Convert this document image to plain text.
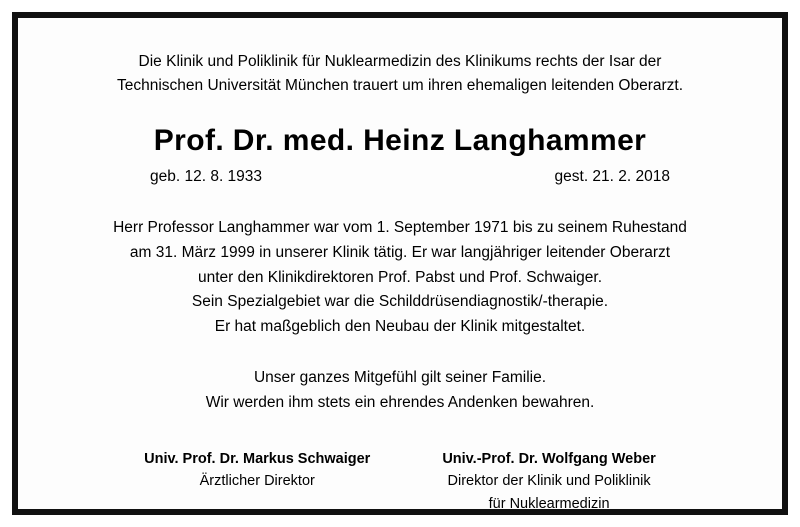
Die Klinik und Poliklinik für Nuklearmedizin des Klinikums rechts der Isar der
Technischen Universität München trauert um ihren ehemaligen leitenden Oberarzt.
Prof. Dr. med. Heinz Langhammer
geb. 12. 8. 1933	gest. 21. 2. 2018
Herr Professor Langhammer war vom 1. September 1971 bis zu seinem Ruhestand
am 31. März 1999 in unserer Klinik tätig. Er war langjähriger leitender Oberarzt
unter den Klinikdirektoren Prof. Pabst und Prof. Schwaiger.
Sein Spezialgebiet war die Schilddrüsendiagnostik/-therapie.
Er hat maßgeblich den Neubau der Klinik mitgestaltet.
Unser ganzes Mitgefühl gilt seiner Familie.
Wir werden ihm stets ein ehrendes Andenken bewahren.
Univ. Prof. Dr. Markus Schwaiger
Ärztlicher Direktor
Univ.-Prof. Dr. Wolfgang Weber
Direktor der Klinik und Poliklinik
für Nuklearmedizin
